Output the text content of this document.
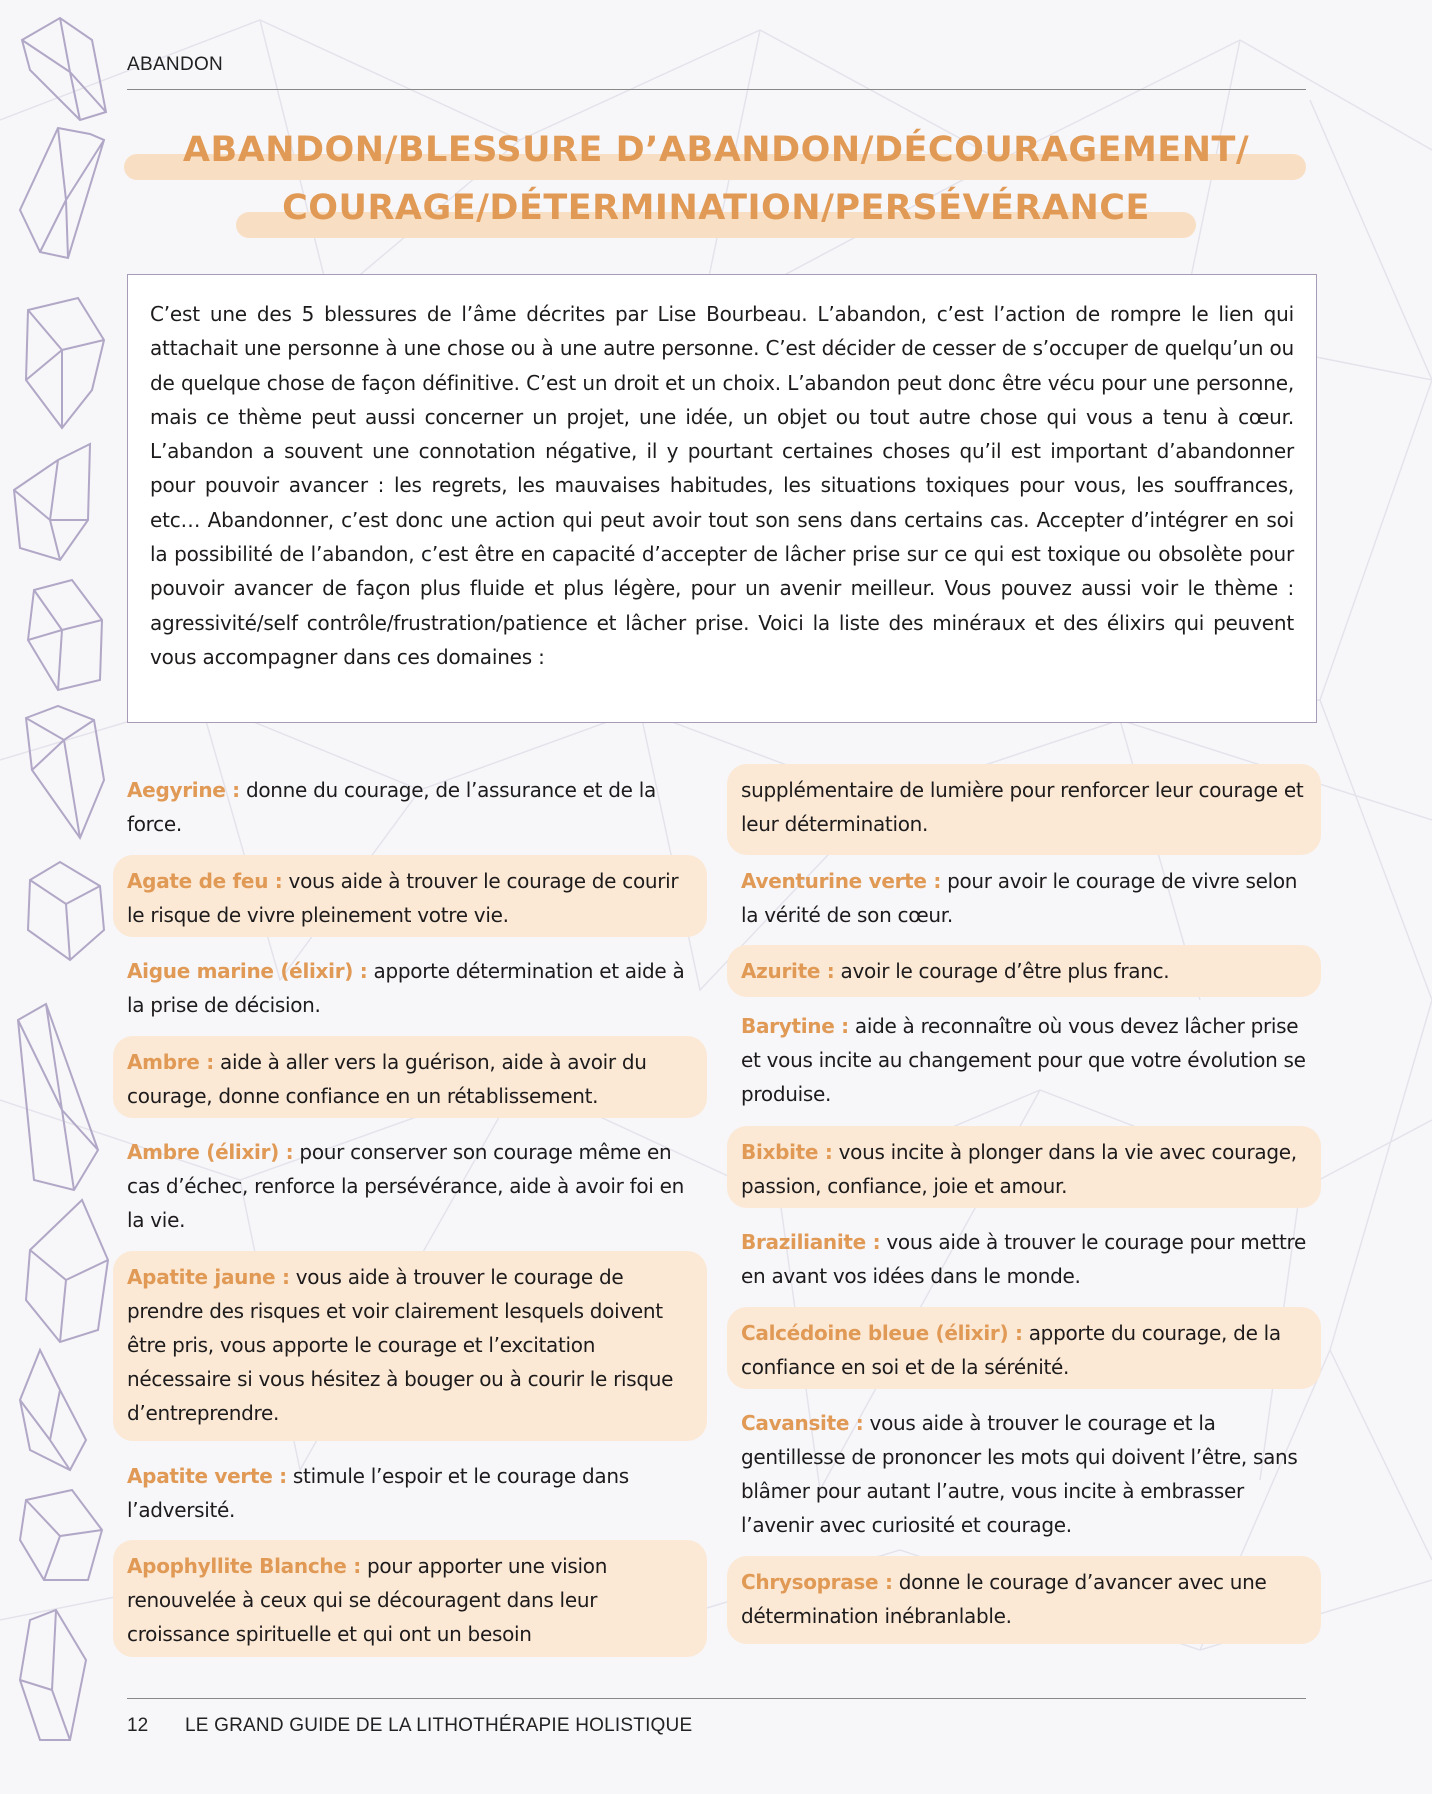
ABANDON
ABANDON/BLESSURE D’ABANDON/DÉCOURAGEMENT/
COURAGE/DÉTERMINATION/PERSÉVÉRANCE

C’est une des 5 blessures de l’âme décrites par Lise Bourbeau. L’abandon, c’est l’action de rompre le lien qui attachait une personne à une chose ou à une autre personne. C’est décider de cesser de s’occuper de quelqu’un ou de quelque chose de façon définitive. C’est un droit et un choix. L’abandon peut donc être vécu pour une personne, mais ce thème peut aussi concerner un projet, une idée, un objet ou tout autre chose qui vous a tenu à cœur. L’abandon a souvent une connotation négative, il y pourtant certaines choses qu’il est important d’abandonner pour pouvoir avancer : les regrets, les mauvaises habitudes, les situations toxiques pour vous, les souffrances, etc… Abandonner, c’est donc une action qui peut avoir tout son sens dans certains cas. Accepter d’intégrer en soi la possibilité de l’abandon, c’est être en capacité d’accepter de lâcher prise sur ce qui est toxique ou obsolète pour pouvoir avancer de façon plus fluide et plus légère, pour un avenir meilleur. Vous pouvez aussi voir le thème : agressivité/self contrôle/frustration/patience et lâcher prise. Voici la liste des minéraux et des élixirs qui peuvent vous accompagner dans ces domaines :

Aegyrine : donne du courage, de l’assurance et de la force.
Agate de feu : vous aide à trouver le courage de courir le risque de vivre pleinement votre vie.
Aigue marine (élixir) : apporte détermination et aide à la prise de décision.
Ambre : aide à aller vers la guérison, aide à avoir du courage, donne confiance en un rétablissement.
Ambre (élixir) : pour conserver son courage même en cas d’échec, renforce la persévérance, aide à avoir foi en la vie.
Apatite jaune : vous aide à trouver le courage de prendre des risques et voir clairement lesquels doivent être pris, vous apporte le courage et l’excitation nécessaire si vous hésitez à bouger ou à courir le risque d’entreprendre.
Apatite verte : stimule l’espoir et le courage dans l’adversité.
Apophyllite Blanche : pour apporter une vision renouvelée à ceux qui se découragent dans leur croissance spirituelle et qui ont un besoin
supplémentaire de lumière pour renforcer leur courage et leur détermination.
Aventurine verte : pour avoir le courage de vivre selon la vérité de son cœur.
Azurite : avoir le courage d’être plus franc.
Barytine : aide à reconnaître où vous devez lâcher prise et vous incite au changement pour que votre évolution se produise.
Bixbite : vous incite à plonger dans la vie avec courage, passion, confiance, joie et amour.
Brazilianite : vous aide à trouver le courage pour mettre en avant vos idées dans le monde.
Calcédoine bleue (élixir) : apporte du courage, de la confiance en soi et de la sérénité.
Cavansite : vous aide à trouver le courage et la gentillesse de prononcer les mots qui doivent l’être, sans blâmer pour autant l’autre, vous incite à embrasser l’avenir avec curiosité et courage.
Chrysoprase : donne le courage d’avancer avec une détermination inébranlable.
12 LE GRAND GUIDE DE LA LITHOTHÉRAPIE HOLISTIQUE
